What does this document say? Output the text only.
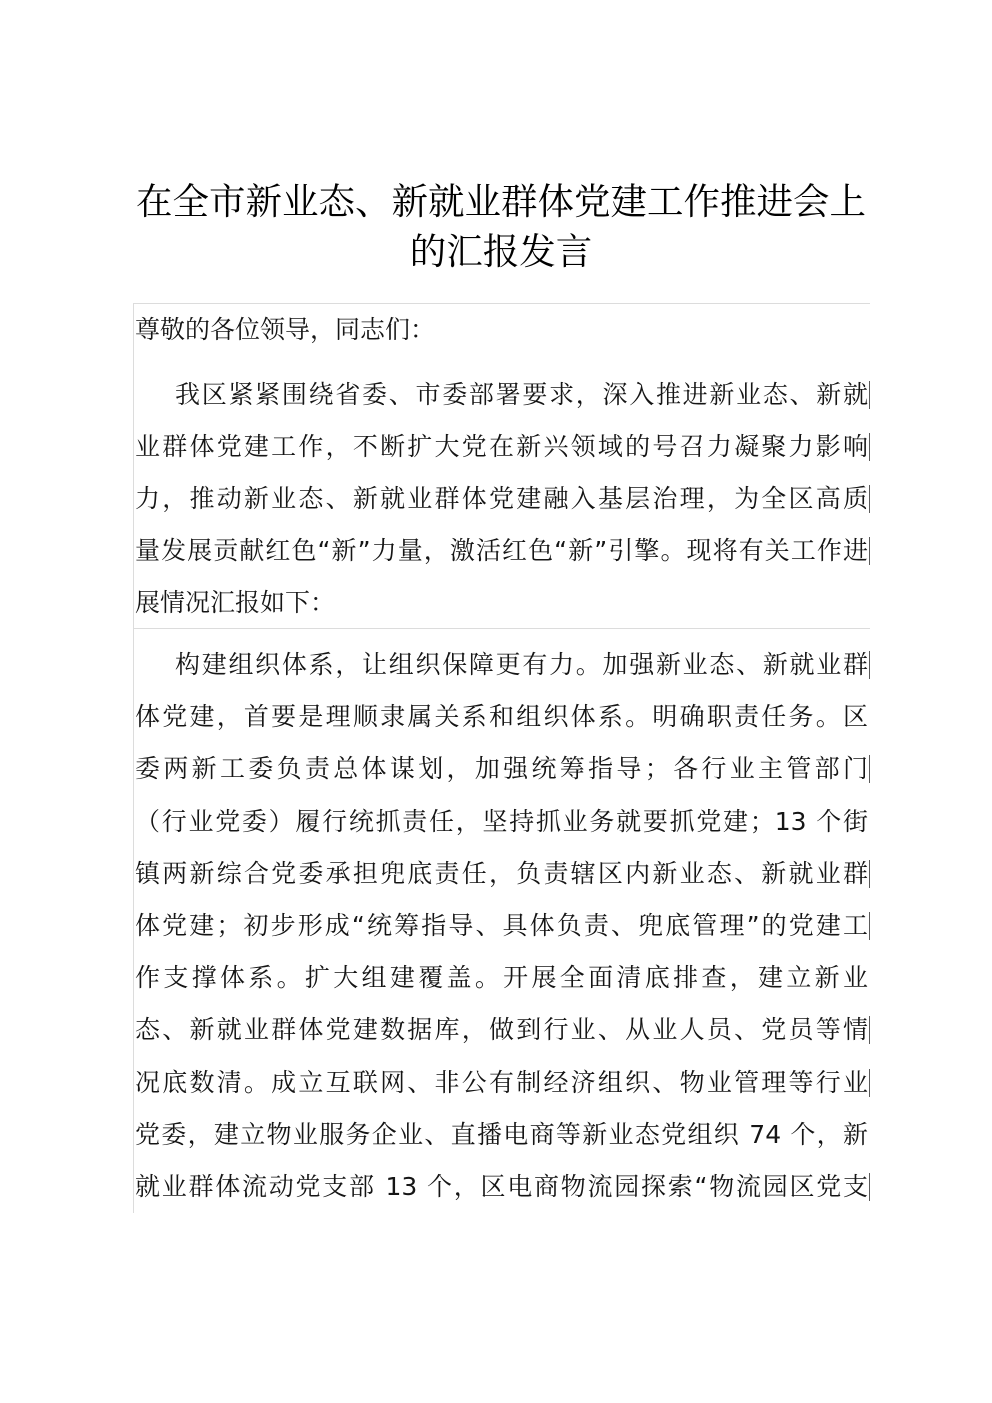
在全市新业态、新就业群体党建工作推进会上
的汇报发言
尊敬的各位领导，同志们：
我区紧紧围绕省委、市委部署要求，深入推进新业态、新就
业群体党建工作，不断扩大党在新兴领域的号召力凝聚力影响
力，推动新业态、新就业群体党建融入基层治理，为全区高质
量发展贡献红色“新”力量，激活红色“新”引擎。现将有关工作进
展情况汇报如下：
构建组织体系，让组织保障更有力。加强新业态、新就业群
体党建，首要是理顺隶属关系和组织体系。明确职责任务。区
委两新工委负责总体谋划，加强统筹指导；各行业主管部门
（行业党委）履行统抓责任，坚持抓业务就要抓党建；13 个街
镇两新综合党委承担兜底责任，负责辖区内新业态、新就业群
体党建；初步形成“统筹指导、具体负责、兜底管理”的党建工
作支撑体系。扩大组建覆盖。开展全面清底排查，建立新业
态、新就业群体党建数据库，做到行业、从业人员、党员等情
况底数清。成立互联网、非公有制经济组织、物业管理等行业
党委，建立物业服务企业、直播电商等新业态党组织 74 个，新
就业群体流动党支部 13 个，区电商物流园探索“物流园区党支
